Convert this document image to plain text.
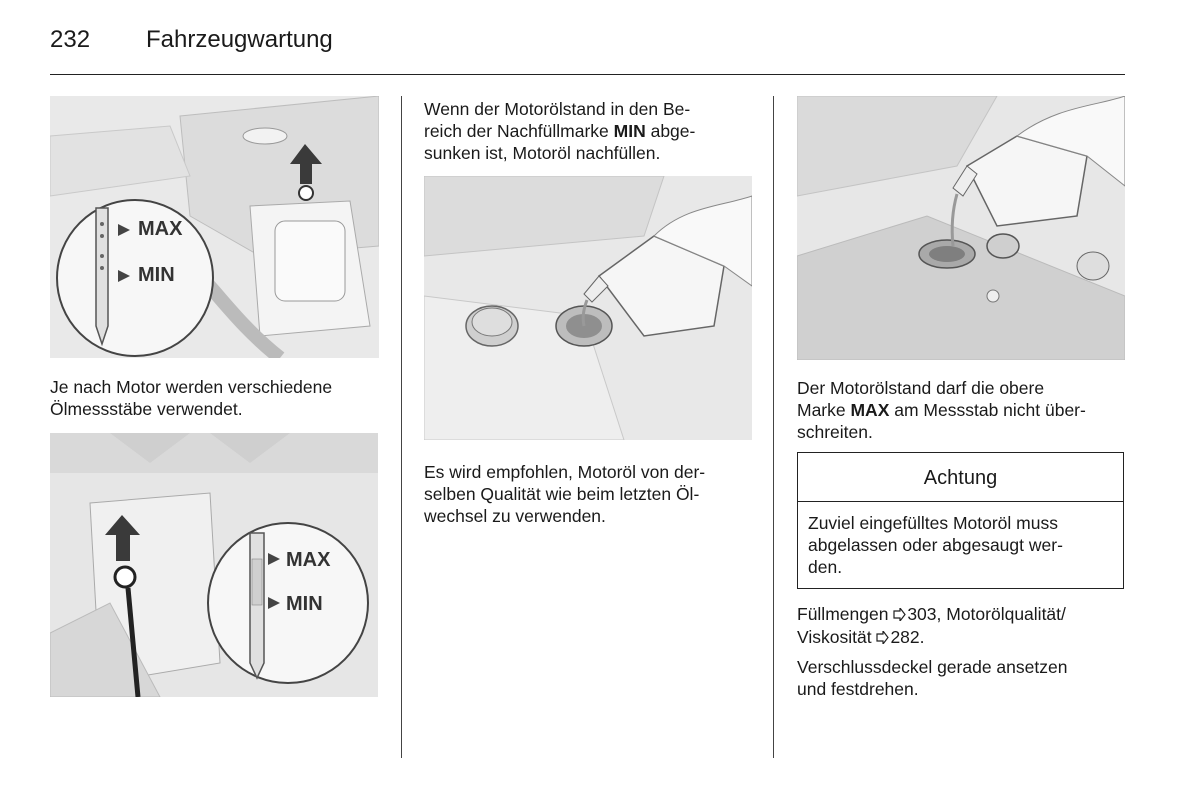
232 Fahrzeugwartung
MAX
MIN
Je nach Motor werden verschiedene
Ölmessstäbe verwendet.
MAX
MIN
Wenn der Motorölstand in den Be-
reich der Nachfüllmarke MIN abge-
sunken ist, Motoröl nachfüllen.
Es wird empfohlen, Motoröl von der-
selben Qualität wie beim letzten Öl-
wechsel zu verwenden.
Der Motorölstand darf die obere
Marke MAX am Messstab nicht über-
schreiten.
Achtung
Zuviel eingefülltes Motoröl muss
abgelassen oder abgesaugt wer-
den.
Füllmengen 303, Motorölqualität/
Viskosität 282.
Verschlussdeckel gerade ansetzen
und festdrehen.
